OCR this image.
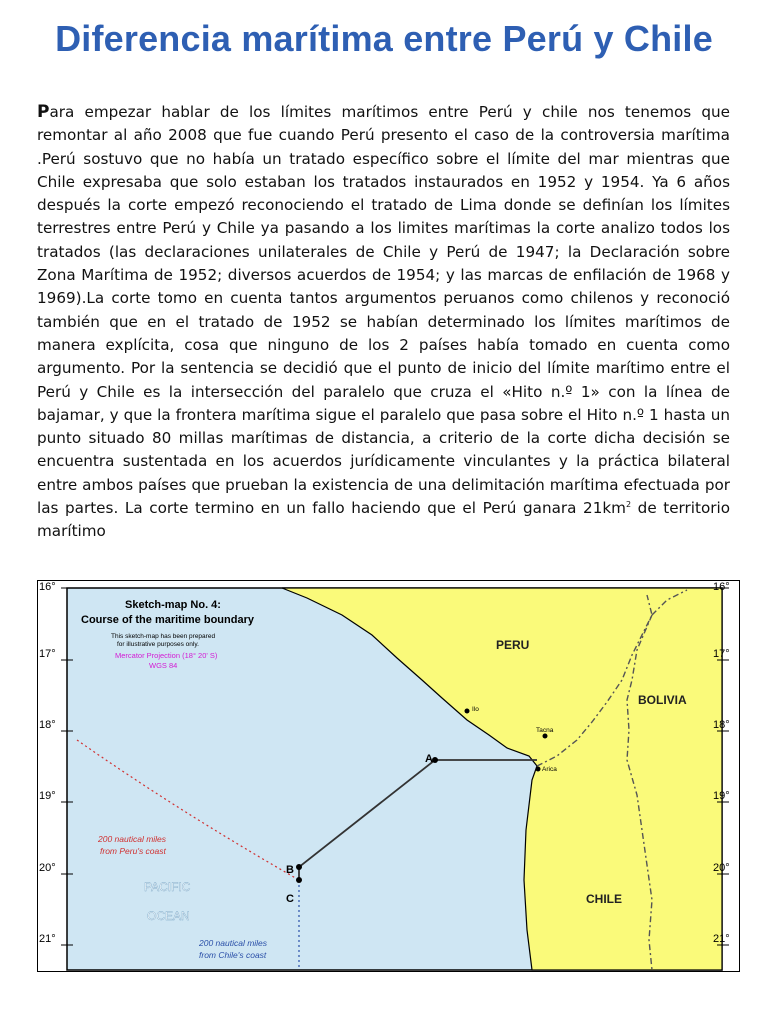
Diferencia marítima entre Perú y Chile

Para empezar hablar de los límites marítimos entre Perú y chile nos tenemos que remontar al año 2008 que fue cuando Perú presento el caso de la controversia marítima .Perú sostuvo que no había un tratado específico sobre el límite del mar mientras que Chile expresaba que solo estaban los tratados instaurados en 1952 y 1954. Ya 6 años después la corte empezó reconociendo el tratado de Lima donde se definían los límites terrestres entre Perú y Chile ya pasando a los limites marítimas la corte analizo todos los tratados (las declaraciones unilaterales de Chile y Perú de 1947; la Declaración sobre Zona Marítima de 1952; diversos acuerdos de 1954; y las marcas de enfilación de 1968 y 1969).La corte tomo en cuenta tantos argumentos peruanos como chilenos y reconoció también que en el tratado de 1952 se habían determinado los límites marítimos de manera explícita, cosa que ninguno de los 2 países había tomado en cuenta como argumento. Por la sentencia se decidió que el punto de inicio del límite marítimo entre el Perú y Chile es la intersección del paralelo que cruza el «Hito n.º 1» con la línea de bajamar, y que la frontera marítima sigue el paralelo que pasa sobre el Hito n.º 1 hasta un punto situado 80 millas marítimas de distancia, a criterio de la corte dicha decisión se encuentra sustentada en los acuerdos jurídicamente vinculantes y la práctica bilateral entre ambos países que prueban la existencia de una delimitación marítima efectuada por las partes. La corte termino en un fallo haciendo que el Perú ganara $21km^2$ de territorio marítimo

16°	16°
17°	17°
18°	18°
19°	19°
20°	20°
21°	21°
Sketch-map No. 4:
Course of the maritime boundary
This sketch-map has been prepared
for illustrative purposes only.
Mercator Projection (18° 20' S)
WGS 84
PERU
BOLIVIA
CHILE
PACIFIC
OCEAN
200 nautical miles
from Peru's coast
200 nautical miles
from Chile's coast
A
B
C
Ilo
Tacna
Arica
